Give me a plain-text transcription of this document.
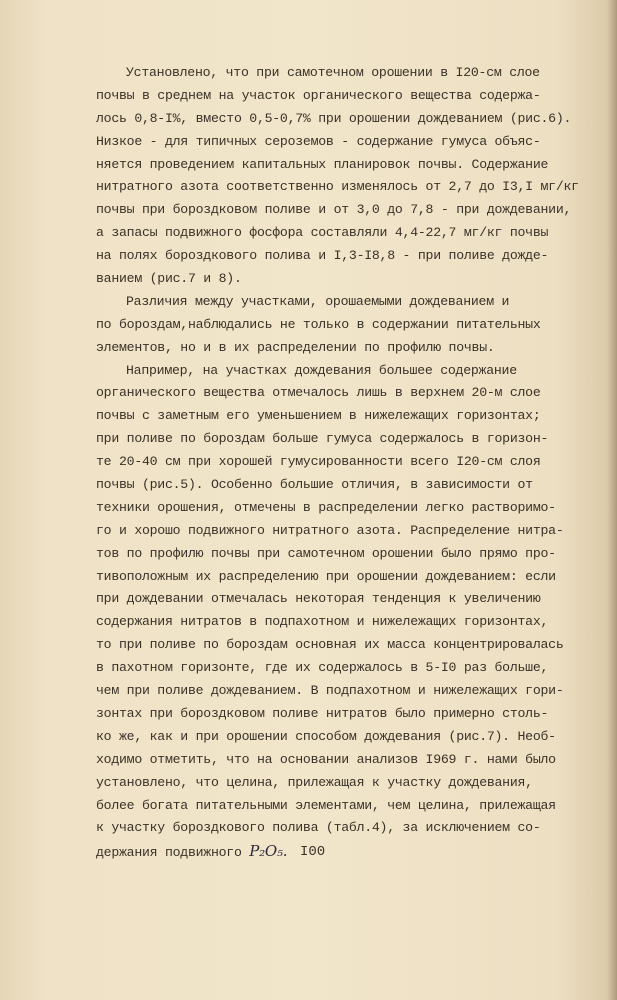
Установлено, что при самотечном орошении в I20-см слое
почвы в среднем на участок органического вещества содержа-
лось 0,8-I%, вместо 0,5-0,7% при орошении дождеванием (рис.6).
Низкое - для типичных сероземов - содержание гумуса объяс-
няется проведением капитальных планировок почвы. Содержание
нитратного азота соответственно изменялось от 2,7 до I3,I мг/кг
почвы при бороздковом поливе и от 3,0 до 7,8 - при дождевании,
а запасы подвижного фосфора составляли 4,4-22,7 мг/кг почвы
на полях бороздкового полива и I,3-I8,8 - при поливе дожде-
ванием (рис.7 и 8).
Различия между участками, орошаемыми дождеванием и
по бороздам,наблюдались не только в содержании питательных
элементов, но и в их распределении по профилю почвы.
Например, на участках дождевания большее содержание
органического вещества отмечалось лишь в верхнем 20-м слое
почвы с заметным его уменьшением в нижележащих горизонтах;
при поливе по бороздам больше гумуса содержалось в горизон-
те 20-40 см при хорошей гумусированности всего I20-см слоя
почвы (рис.5). Особенно большие отличия, в зависимости от
техники орошения, отмечены в распределении легко растворимо-
го и хорошо подвижного нитратного азота. Распределение нитра-
тов по профилю почвы при самотечном орошении было прямо про-
тивоположным их распределению при орошении дождеванием: если
при дождевании отмечалась некоторая тенденция к увеличению
содержания нитратов в подпахотном и нижележащих горизонтах,
то при поливе по бороздам основная их масса концентрировалась
в пахотном горизонте, где их содержалось в 5-I0 раз больше,
чем при поливе дождеванием. В подпахотном и нижележащих гори-
зонтах при бороздковом поливе нитратов было примерно столь-
ко же, как и при орошении способом дождевания (рис.7). Необ-
ходимо отметить, что на основании анализов I969 г. нами было
установлено, что целина, прилежащая к участку дождевания,
более богата питательными элементами, чем целина, прилежащая
к участку бороздкового полива (табл.4), за исключением со-
держания подвижного P₂O₅. I00
